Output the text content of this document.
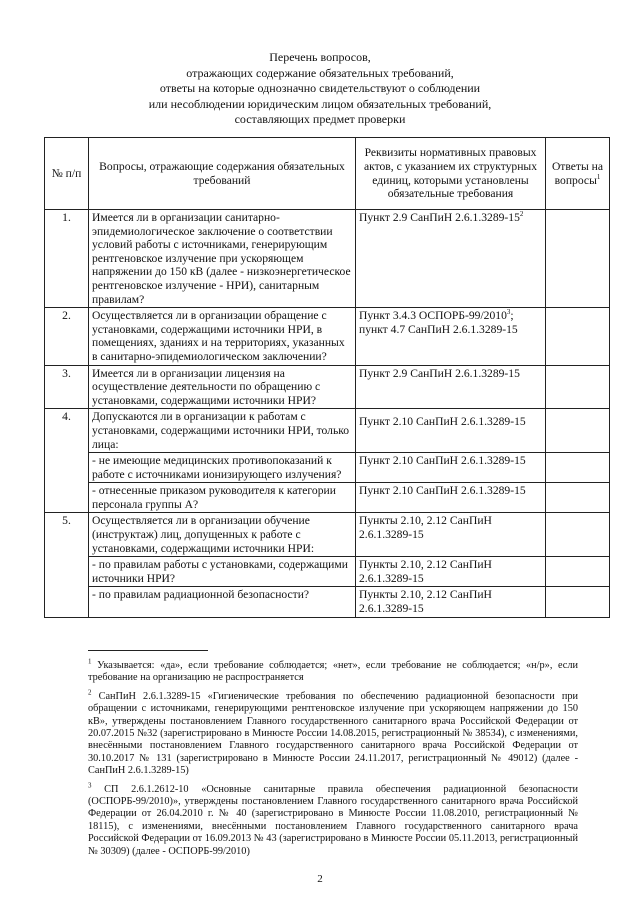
Перечень вопросов,
отражающих содержание обязательных требований,
ответы на которые однозначно свидетельствуют о соблюдении
или несоблюдении юридическим лицом обязательных требований,
составляющих предмет проверки
№ п/п	Вопросы, отражающие содержания обязательных требований	Реквизиты нормативных правовых актов, с указанием их структурных единиц, которыми установлены обязательные требования	Ответы на вопросы$^1$
1.	Имеется ли в организации санитарно-эпидемиологическое заключение о соответствии условий работы с источниками, генерирующим рентгеновское излучение при ускоряющем напряжении до 150 кВ (далее - низкоэнергетическое рентгеновское излучение - НРИ), санитарным правилам?	Пункт 2.9 СанПиН $2.6.1.3289-15^2$	
2.	Осуществляется ли в организации обращение с установками, содержащими источники НРИ, в помещениях, зданиях и на территориях, указанных в санитарно-эпидемиологическом заключении?	Пункт 3.4.3 ОСПОРБ-99/2010$^3$; пункт 4.7 СанПиН 2.6.1.3289-15	
3.	Имеется ли в организации лицензия на осуществление деятельности по обращению с установками, содержащими источники НРИ?	Пункт 2.9 СанПиН 2.6.1.3289-15	
4.	Допускаются ли в организации к работам с установками, содержащими источники НРИ, только лица:	Пункт 2.10 СанПиН 2.6.1.3289-15	
	- не имеющие медицинских противопоказаний к работе с источниками ионизирующего излучения?	Пункт 2.10 СанПиН 2.6.1.3289-15	
	- отнесенные приказом руководителя к категории персонала группы А?	Пункт 2.10 СанПиН 2.6.1.3289-15	
5.	Осуществляется ли в организации обучение (инструктаж) лиц, допущенных к работе с установками, содержащими источники НРИ:	Пункты 2.10, 2.12 СанПиН 2.6.1.3289-15	
	- по правилам работы с установками, содержащими источники НРИ?	Пункты 2.10, 2.12 СанПиН 2.6.1.3289-15	
	- по правилам радиационной безопасности?	Пункты 2.10, 2.12 СанПиН 2.6.1.3289-15	
$^1$ Указывается: «да», если требование соблюдается; «нет», если требование не соблюдается; «н/р», если требование на организацию не распространяется
$^2$ СанПиН 2.6.1.3289-15 «Гигиенические требования по обеспечению радиационной безопасности при обращении с источниками, генерирующими рентгеновское излучение при ускоряющем напряжении до 150 кВ», утверждены постановлением Главного государственного санитарного врача Российской Федерации от 20.07.2015 №32 (зарегистрировано в Минюсте России 14.08.2015, регистрационный № 38534), с изменениями, внесёнными постановлением Главного государственного санитарного врача Российской Федерации от 30.10.2017 № 131 (зарегистрировано в Минюсте России 24.11.2017, регистрационный № 49012) (далее - СанПиН 2.6.1.3289-15)
$^3$ СП 2.6.1.2612-10 «Основные санитарные правила обеспечения радиационной безопасности (ОСПОРБ-99/2010)», утверждены постановлением Главного государственного санитарного врача Российской Федерации от 26.04.2010 г. № 40 (зарегистрировано в Минюсте России 11.08.2010, регистрационный № 18115), с изменениями, внесёнными постановлением Главного государственного санитарного врача Российской Федерации от 16.09.2013 № 43 (зарегистрировано в Минюсте России 05.11.2013, регистрационный № 30309) (далее - ОСПОРБ-99/2010)
2
